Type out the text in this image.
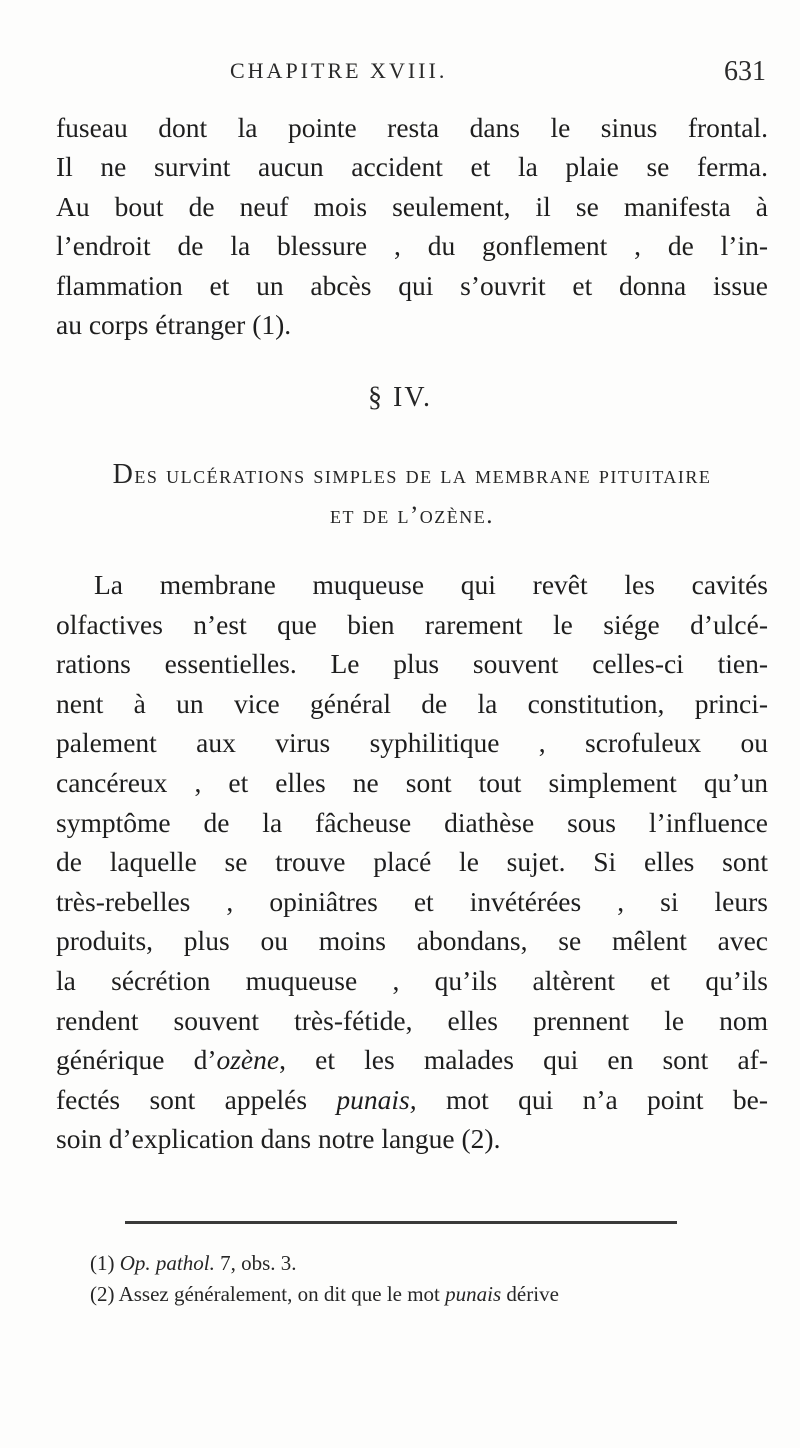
CHAPITRE XVIII.	631
fuseau dont la pointe resta dans le sinus frontal.
Il ne survint aucun accident et la plaie se ferma.
Au bout de neuf mois seulement, il se manifesta à
l’endroit de la blessure , du gonflement , de l’in-
flammation et un abcès qui s’ouvrit et donna issue
au corps étranger (1).
§ IV.
Des ulcérations simples de la membrane pituitaire
et de l’ozène.
La membrane muqueuse qui revêt les cavités
olfactives n’est que bien rarement le siége d’ulcé-
rations essentielles. Le plus souvent celles-ci tien-
nent à un vice général de la constitution, princi-
palement aux virus syphilitique , scrofuleux ou
cancéreux , et elles ne sont tout simplement qu’un
symptôme de la fâcheuse diathèse sous l’influence
de laquelle se trouve placé le sujet. Si elles sont
très-rebelles , opiniâtres et invétérées , si leurs
produits, plus ou moins abondans, se mêlent avec
la sécrétion muqueuse , qu’ils altèrent et qu’ils
rendent souvent très-fétide, elles prennent le nom
générique d’ozène, et les malades qui en sont af-
fectés sont appelés punais, mot qui n’a point be-
soin d’explication dans notre langue (2).
(1) Op. pathol. 7, obs. 3.
(2) Assez généralement, on dit que le mot punais dérive
